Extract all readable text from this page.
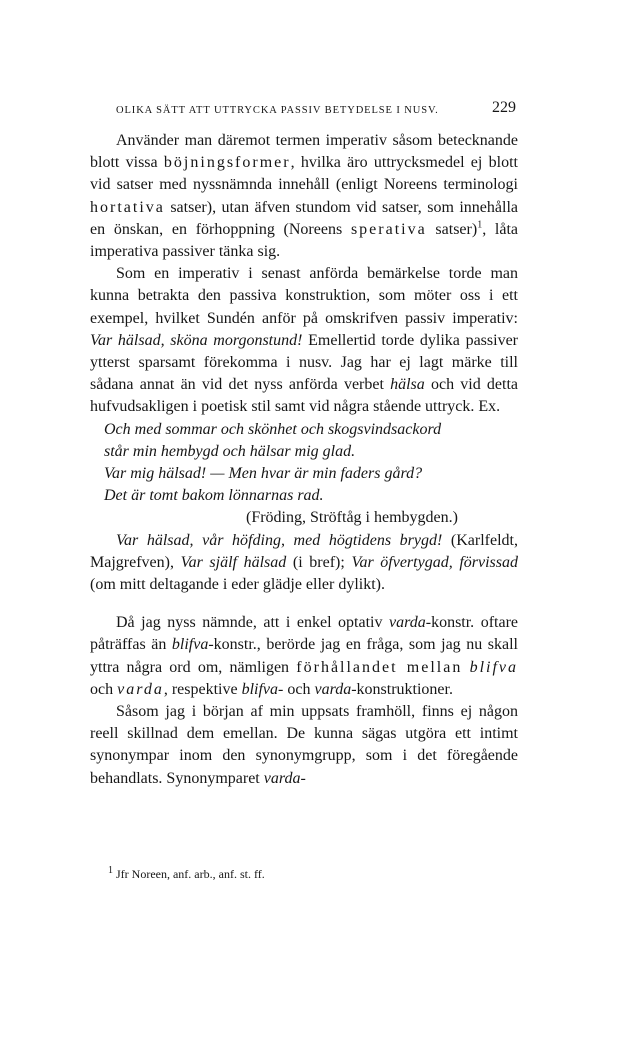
OLIKA SÄTT ATT UTTRYCKA PASSIV BETYDELSE I NUSV.	229

Använder man däremot termen imperativ såsom betecknande blott vissa böjningsformer, hvilka äro uttrycksmedel ej blott vid satser med nyssnämnda innehåll (enligt Noreens terminologi hortativa satser), utan äfven stundom vid satser, som innehålla en önskan, en förhoppning (Noreens sperativa satser)$^1$, låta imperativa passiver tänka sig.

Som en imperativ i senast anförda bemärkelse torde man kunna betrakta den passiva konstruktion, som möter oss i ett exempel, hvilket Sundén anför på omskrifven passiv imperativ: Var hälsad, sköna morgonstund! Emellertid torde dylika passiver ytterst sparsamt förekomma i nusv. Jag har ej lagt märke till sådana annat än vid det nyss anförda verbet hälsa och vid detta hufvudsakligen i poetisk stil samt vid några stående uttryck. Ex.

Och med sommar och skönhet och skogsvindsackord
står min hembygd och hälsar mig glad.
Var mig hälsad! — Men hvar är min faders gård?
Det är tomt bakom lönnarnas rad.
(Fröding, Ströftåg i hembygden.)

Var hälsad, vår höfding, med högtidens brygd! (Karlfeldt, Majgrefven), Var själf hälsad (i bref); Var öfvertygad, förvissad (om mitt deltagande i eder glädje eller dylikt).

Då jag nyss nämnde, att i enkel optativ varda-konstr. oftare påträffas än blifva-konstr., berörde jag en fråga, som jag nu skall yttra några ord om, nämligen förhållandet mellan blifva och varda, respektive blifva- och varda-konstruktioner.

Såsom jag i början af min uppsats framhöll, finns ej någon reell skillnad dem emellan. De kunna sägas utgöra ett intimt synonympar inom den synonymgrupp, som i det föregående behandlats. Synonymparet varda-

$^1$ Jfr Noreen, anf. arb., anf. st. ff.
